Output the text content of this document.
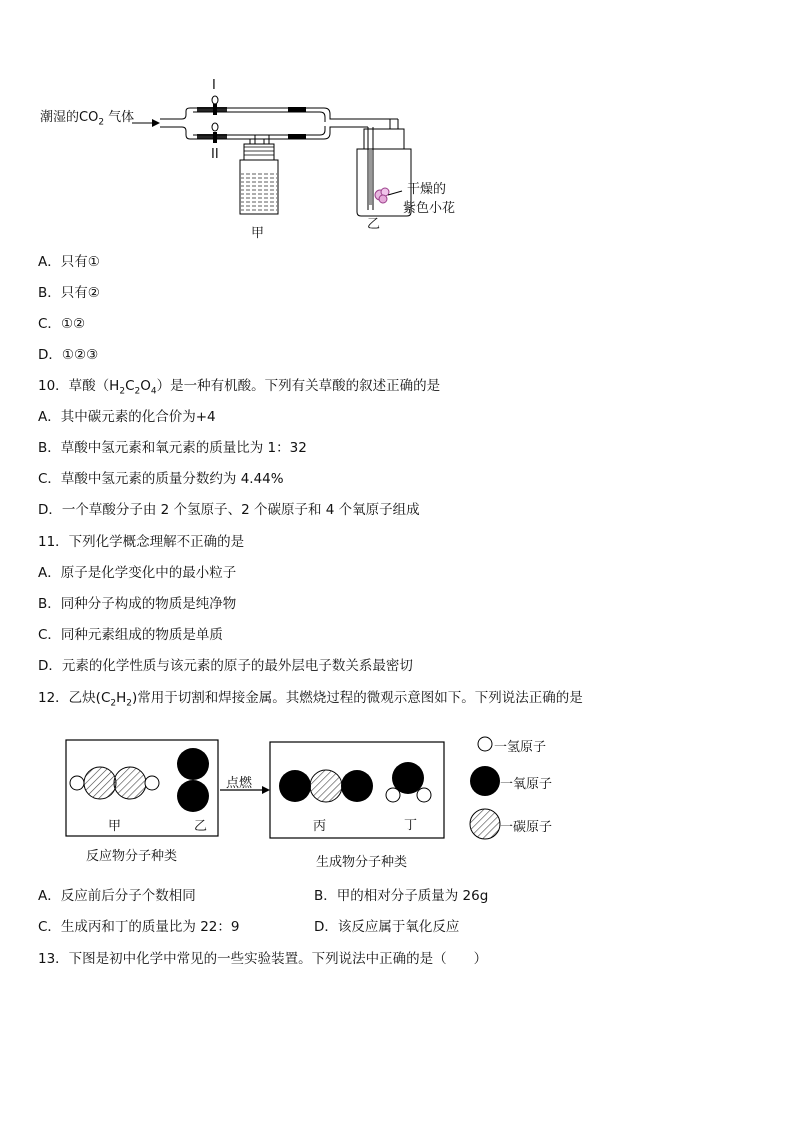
潮湿的$CO_2$ 气体
I
II
甲
乙
干燥的
紫色小花
A．只有①
B．只有②
C．①②
D．①②③
10．草酸$(H_2C_2O_4)$是一种有机酸。下列有关草酸的叙述正确的是
A．其中碳元素的化合价为+4
B．草酸中氢元素和氧元素的质量比为 1：32
C．草酸中氢元素的质量分数约为 4.44%
D．一个草酸分子由 2 个氢原子、2 个碳原子和 4 个氧原子组成
11．下列化学概念理解不正确的是
A．原子是化学变化中的最小粒子
B．同种分子构成的物质是纯净物
C．同种元素组成的物质是单质
D．元素的化学性质与该元素的原子的最外层电子数关系最密切
12．乙炔$(C_2H_2)$常用于切割和焊接金属。其燃烧过程的微观示意图如下。下列说法正确的是
甲	乙
点燃
丙	丁
反应物分子种类	生成物分子种类
一氢原子
一氧原子
一碳原子
A．反应前后分子个数相同	B．甲的相对分子质量为 26g
C．生成丙和丁的质量比为 22：9	D．该反应属于氧化反应
13．下图是初中化学中常见的一些实验装置。下列说法中正确的是（　　）
